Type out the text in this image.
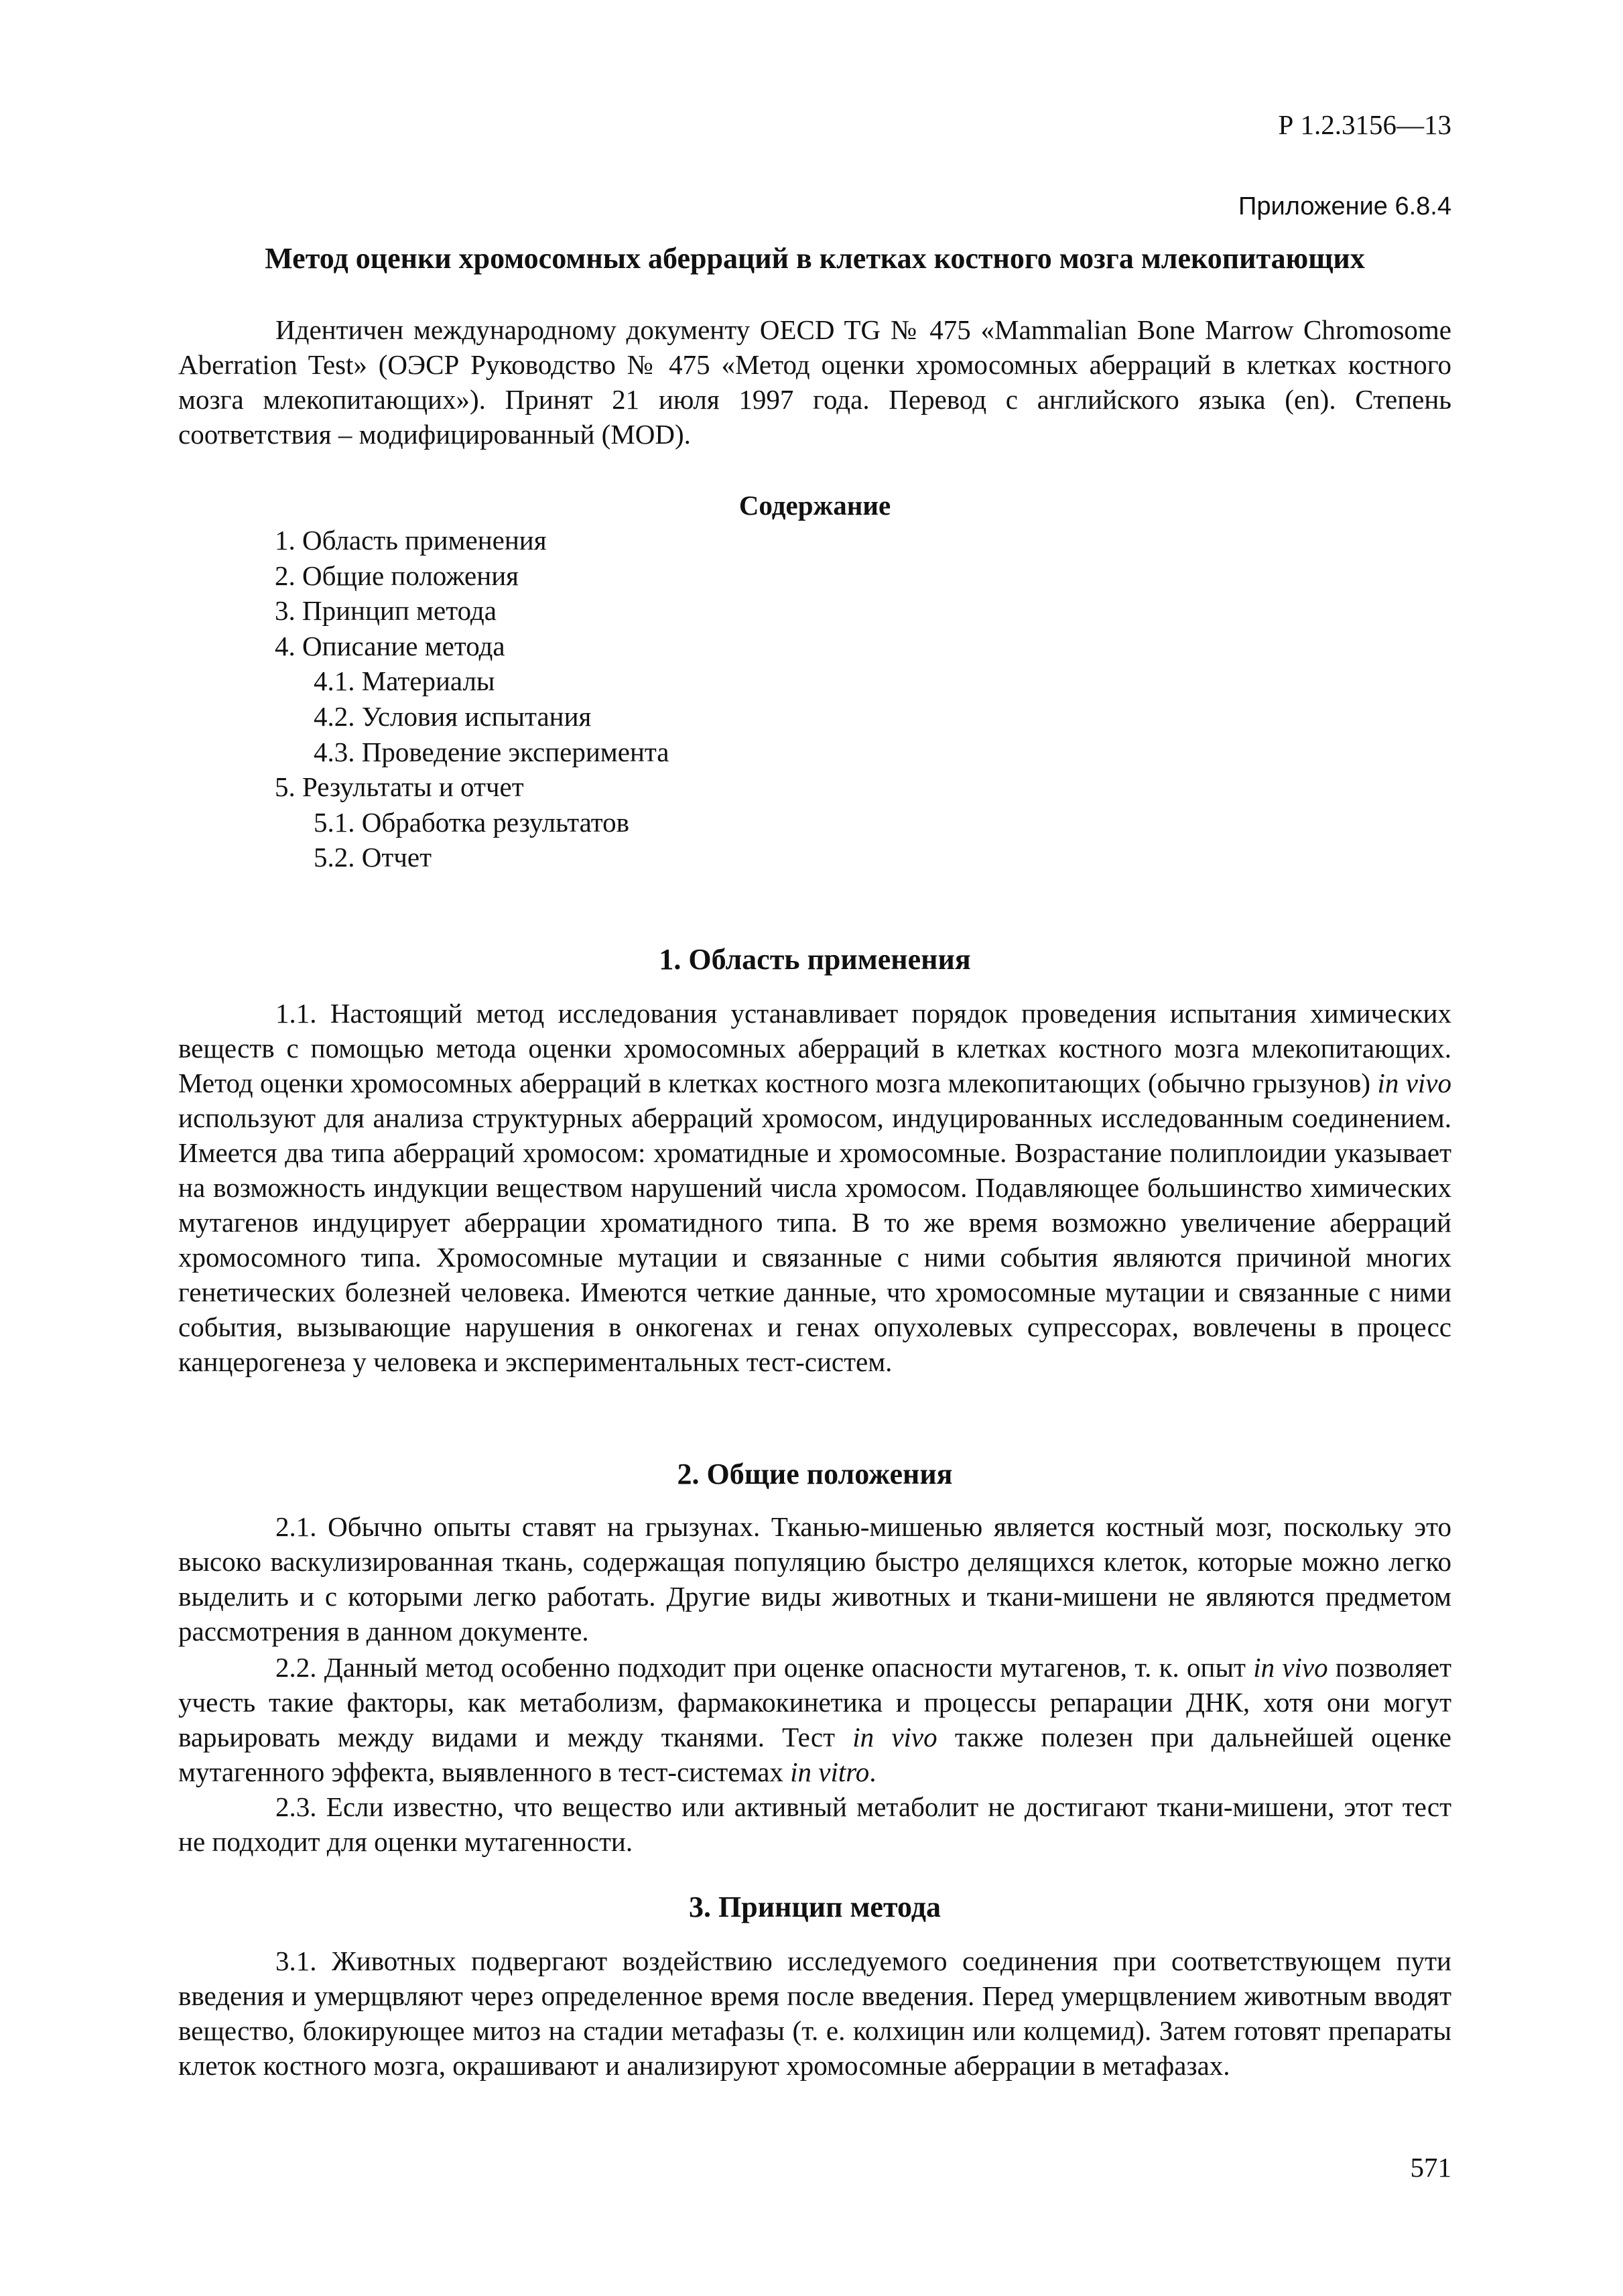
Р 1.2.3156—13
Приложение 6.8.4
Метод оценки хромосомных аберраций в клетках костного мозга млекопитающих

Идентичен международному документу OECD TG № 475 «Mammalian Bone Marrow Chromosome Aberration Test» (ОЭСР Руководство № 475 «Метод оценки хромосомных аберраций в клетках костного мозга млекопитающих»). Принят 21 июля 1997 года. Перевод с английского языка (en). Степень соответствия – модифицированный (MOD).

Содержание
1. Область применения
2. Общие положения
3. Принцип метода
4. Описание метода
4.1. Материалы
4.2. Условия испытания
4.3. Проведение эксперимента
5. Результаты и отчет
5.1. Обработка результатов
5.2. Отчет
1. Область применения

1.1. Настоящий метод исследования устанавливает порядок проведения испытания химических веществ с помощью метода оценки хромосомных аберраций в клетках костного мозга млекопитающих. Метод оценки хромосомных аберраций в клетках костного мозга млекопитающих (обычно грызунов) in vivo используют для анализа структурных аберраций хромосом, индуцированных исследованным соединением. Имеется два типа аберраций хромосом: хроматидные и хромосомные. Возрастание полиплоидии указывает на возможность индукции веществом нарушений числа хромосом. Подавляющее большинство химических мутагенов индуцирует аберрации хроматидного типа. В то же время возможно увеличение аберраций хромосомного типа. Хромосомные мутации и связанные с ними события являются причиной многих генетических болезней человека. Имеются четкие данные, что хромосомные мутации и связанные с ними события, вызывающие нарушения в онкогенах и генах опухолевых супрессорах, вовлечены в процесс канцерогенеза у человека и экспериментальных тест-систем.

2. Общие положения

2.1. Обычно опыты ставят на грызунах. Тканью-мишенью является костный мозг, поскольку это высоко васкулизированная ткань, содержащая популяцию быстро делящихся клеток, которые можно легко выделить и с которыми легко работать. Другие виды животных и ткани-мишени не являются предметом рассмотрения в данном документе.

2.2. Данный метод особенно подходит при оценке опасности мутагенов, т. к. опыт in vivo позволяет учесть такие факторы, как метаболизм, фармакокинетика и процессы репарации ДНК, хотя они могут варьировать между видами и между тканями. Тест in vivo также полезен при дальнейшей оценке мутагенного эффекта, выявленного в тест-системах in vitro.

2.3. Если известно, что вещество или активный метаболит не достигают ткани-мишени, этот тест не подходит для оценки мутагенности.

3. Принцип метода

3.1. Животных подвергают воздействию исследуемого соединения при соответствующем пути введения и умерщвляют через определенное время после введения. Перед умерщвлением животным вводят вещество, блокирующее митоз на стадии метафазы (т. е. колхицин или колцемид). Затем готовят препараты клеток костного мозга, окрашивают и анализируют хромосомные аберрации в метафазах.

571
